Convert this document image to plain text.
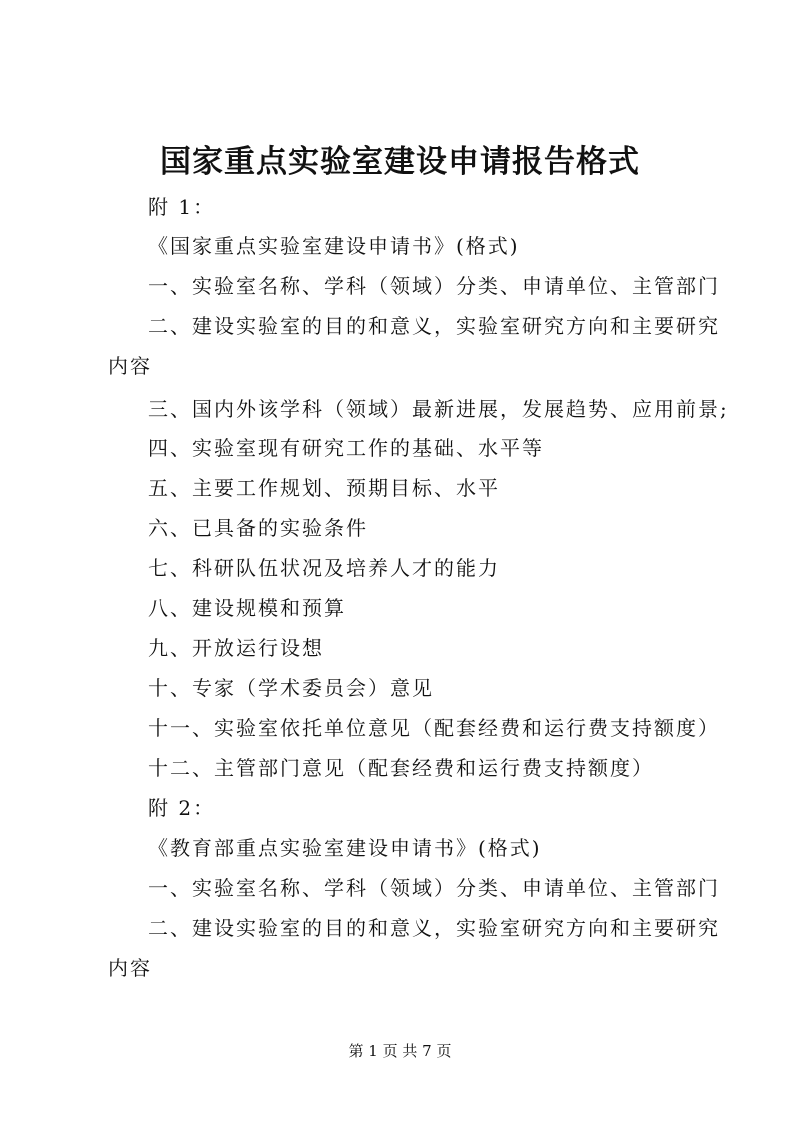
国家重点实验室建设申请报告格式
附 1：
《国家重点实验室建设申请书》(格式)
一、实验室名称、学科（领域）分类、申请单位、主管部门
二、建设实验室的目的和意义，实验室研究方向和主要研究
内容
三、国内外该学科（领域）最新进展，发展趋势、应用前景;
四、实验室现有研究工作的基础、水平等
五、主要工作规划、预期目标、水平
六、已具备的实验条件
七、科研队伍状况及培养人才的能力
八、建设规模和预算
九、开放运行设想
十、专家（学术委员会）意见
十一、实验室依托单位意见（配套经费和运行费支持额度）
十二、主管部门意见（配套经费和运行费支持额度）
附 2：
《教育部重点实验室建设申请书》(格式)
一、实验室名称、学科（领域）分类、申请单位、主管部门
二、建设实验室的目的和意义，实验室研究方向和主要研究
内容
第 1 页 共 7 页
